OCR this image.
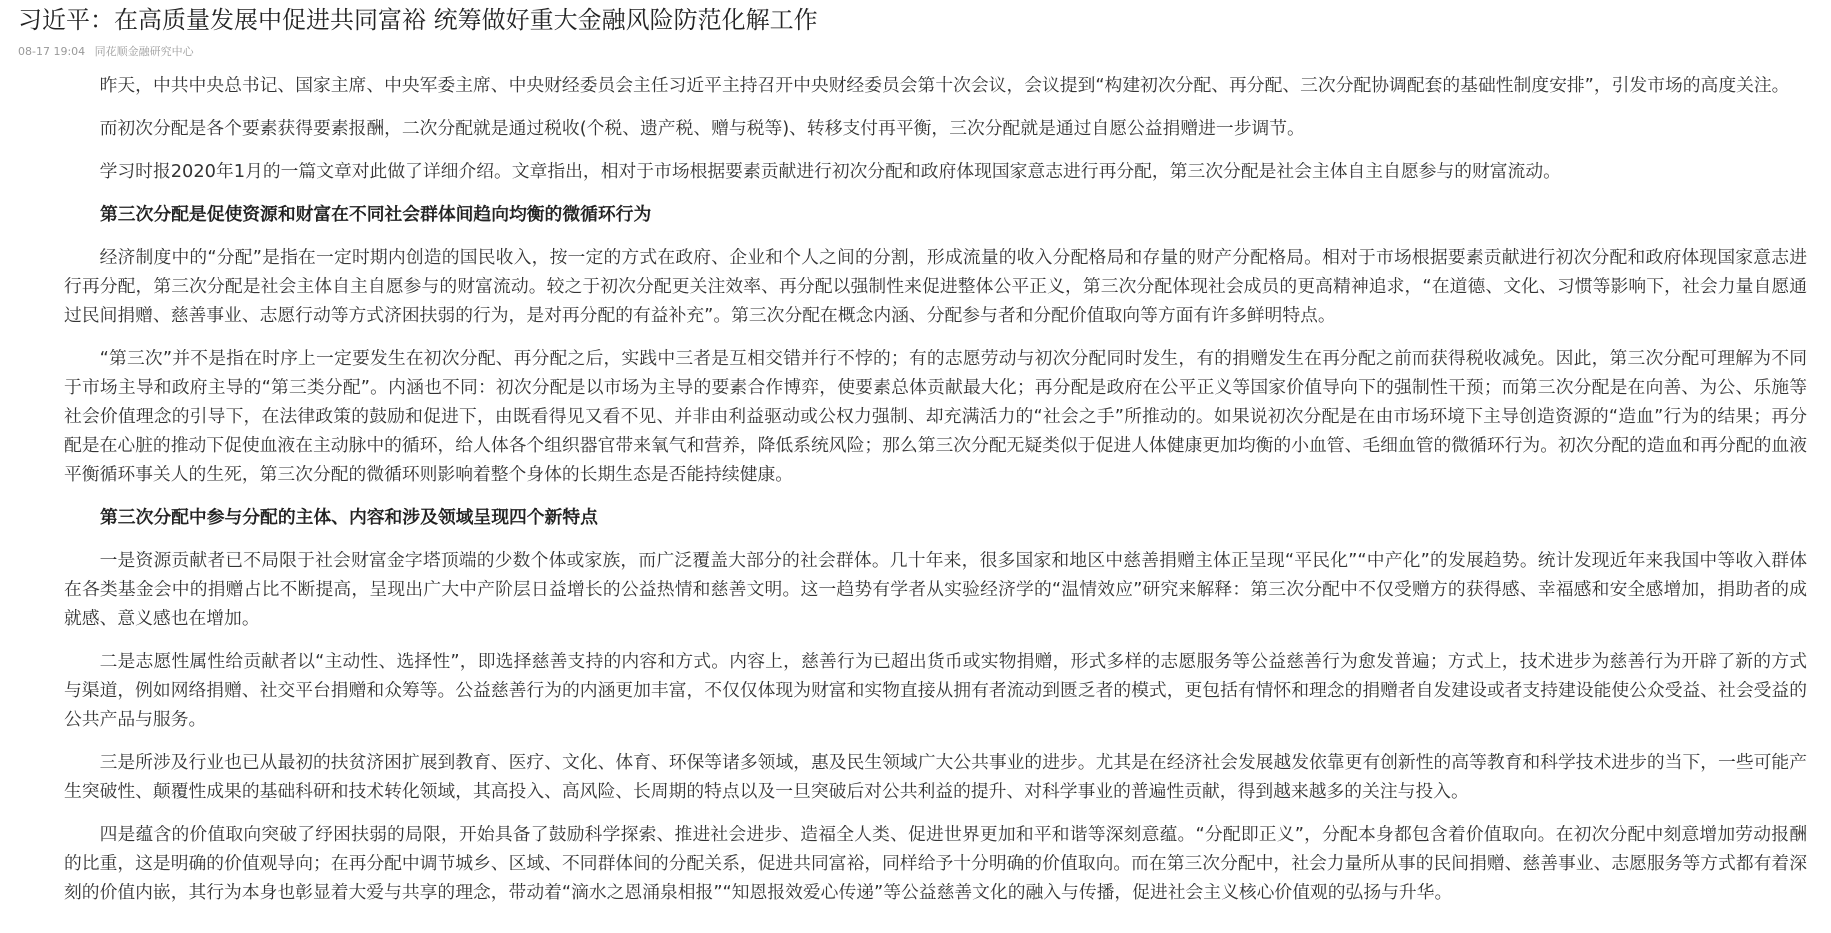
习近平：在高质量发展中促进共同富裕 统筹做好重大金融风险防范化解工作
08-17 19:04 同花顺金融研究中心

昨天，中共中央总书记、国家主席、中央军委主席、中央财经委员会主任习近平主持召开中央财经委员会第十次会议，会议提到“构建初次分配、再分配、三次分配协调配套的基础性制度安排”，引发市场的高度关注。

而初次分配是各个要素获得要素报酬，二次分配就是通过税收(个税、遗产税、赠与税等)、转移支付再平衡，三次分配就是通过自愿公益捐赠进一步调节。

学习时报2020年1月的一篇文章对此做了详细介绍。文章指出，相对于市场根据要素贡献进行初次分配和政府体现国家意志进行再分配，第三次分配是社会主体自主自愿参与的财富流动。

第三次分配是促使资源和财富在不同社会群体间趋向均衡的微循环行为

经济制度中的“分配”是指在一定时期内创造的国民收入，按一定的方式在政府、企业和个人之间的分割，形成流量的收入分配格局和存量的财产分配格局。相对于市场根据要素贡献进行初次分配和政府体现国家意志进行再分配，第三次分配是社会主体自主自愿参与的财富流动。较之于初次分配更关注效率、再分配以强制性来促进整体公平正义，第三次分配体现社会成员的更高精神追求，“在道德、文化、习惯等影响下，社会力量自愿通过民间捐赠、慈善事业、志愿行动等方式济困扶弱的行为，是对再分配的有益补充”。第三次分配在概念内涵、分配参与者和分配价值取向等方面有许多鲜明特点。

“第三次”并不是指在时序上一定要发生在初次分配、再分配之后，实践中三者是互相交错并行不悖的；有的志愿劳动与初次分配同时发生，有的捐赠发生在再分配之前而获得税收减免。因此，第三次分配可理解为不同于市场主导和政府主导的“第三类分配”。内涵也不同：初次分配是以市场为主导的要素合作博弈，使要素总体贡献最大化；再分配是政府在公平正义等国家价值导向下的强制性干预；而第三次分配是在向善、为公、乐施等社会价值理念的引导下，在法律政策的鼓励和促进下，由既看得见又看不见、并非由利益驱动或公权力强制、却充满活力的“社会之手”所推动的。如果说初次分配是在由市场环境下主导创造资源的“造血”行为的结果；再分配是在心脏的推动下促使血液在主动脉中的循环，给人体各个组织器官带来氧气和营养，降低系统风险；那么第三次分配无疑类似于促进人体健康更加均衡的小血管、毛细血管的微循环行为。初次分配的造血和再分配的血液平衡循环事关人的生死，第三次分配的微循环则影响着整个身体的长期生态是否能持续健康。

第三次分配中参与分配的主体、内容和涉及领域呈现四个新特点

一是资源贡献者已不局限于社会财富金字塔顶端的少数个体或家族，而广泛覆盖大部分的社会群体。几十年来，很多国家和地区中慈善捐赠主体正呈现“平民化”“中产化”的发展趋势。统计发现近年来我国中等收入群体在各类基金会中的捐赠占比不断提高，呈现出广大中产阶层日益增长的公益热情和慈善文明。这一趋势有学者从实验经济学的“温情效应”研究来解释：第三次分配中不仅受赠方的获得感、幸福感和安全感增加，捐助者的成就感、意义感也在增加。

二是志愿性属性给贡献者以“主动性、选择性”，即选择慈善支持的内容和方式。内容上，慈善行为已超出货币或实物捐赠，形式多样的志愿服务等公益慈善行为愈发普遍；方式上，技术进步为慈善行为开辟了新的方式与渠道，例如网络捐赠、社交平台捐赠和众筹等。公益慈善行为的内涵更加丰富，不仅仅体现为财富和实物直接从拥有者流动到匮乏者的模式，更包括有情怀和理念的捐赠者自发建设或者支持建设能使公众受益、社会受益的公共产品与服务。

三是所涉及行业也已从最初的扶贫济困扩展到教育、医疗、文化、体育、环保等诸多领域，惠及民生领域广大公共事业的进步。尤其是在经济社会发展越发依靠更有创新性的高等教育和科学技术进步的当下，一些可能产生突破性、颠覆性成果的基础科研和技术转化领域，其高投入、高风险、长周期的特点以及一旦突破后对公共利益的提升、对科学事业的普遍性贡献，得到越来越多的关注与投入。

四是蕴含的价值取向突破了纾困扶弱的局限，开始具备了鼓励科学探索、推进社会进步、造福全人类、促进世界更加和平和谐等深刻意蕴。“分配即正义”，分配本身都包含着价值取向。在初次分配中刻意增加劳动报酬的比重，这是明确的价值观导向；在再分配中调节城乡、区域、不同群体间的分配关系，促进共同富裕，同样给予十分明确的价值取向。而在第三次分配中，社会力量所从事的民间捐赠、慈善事业、志愿服务等方式都有着深刻的价值内嵌，其行为本身也彰显着大爱与共享的理念，带动着“滴水之恩涌泉相报”“知恩报效爱心传递”等公益慈善文化的融入与传播，促进社会主义核心价值观的弘扬与升华。
